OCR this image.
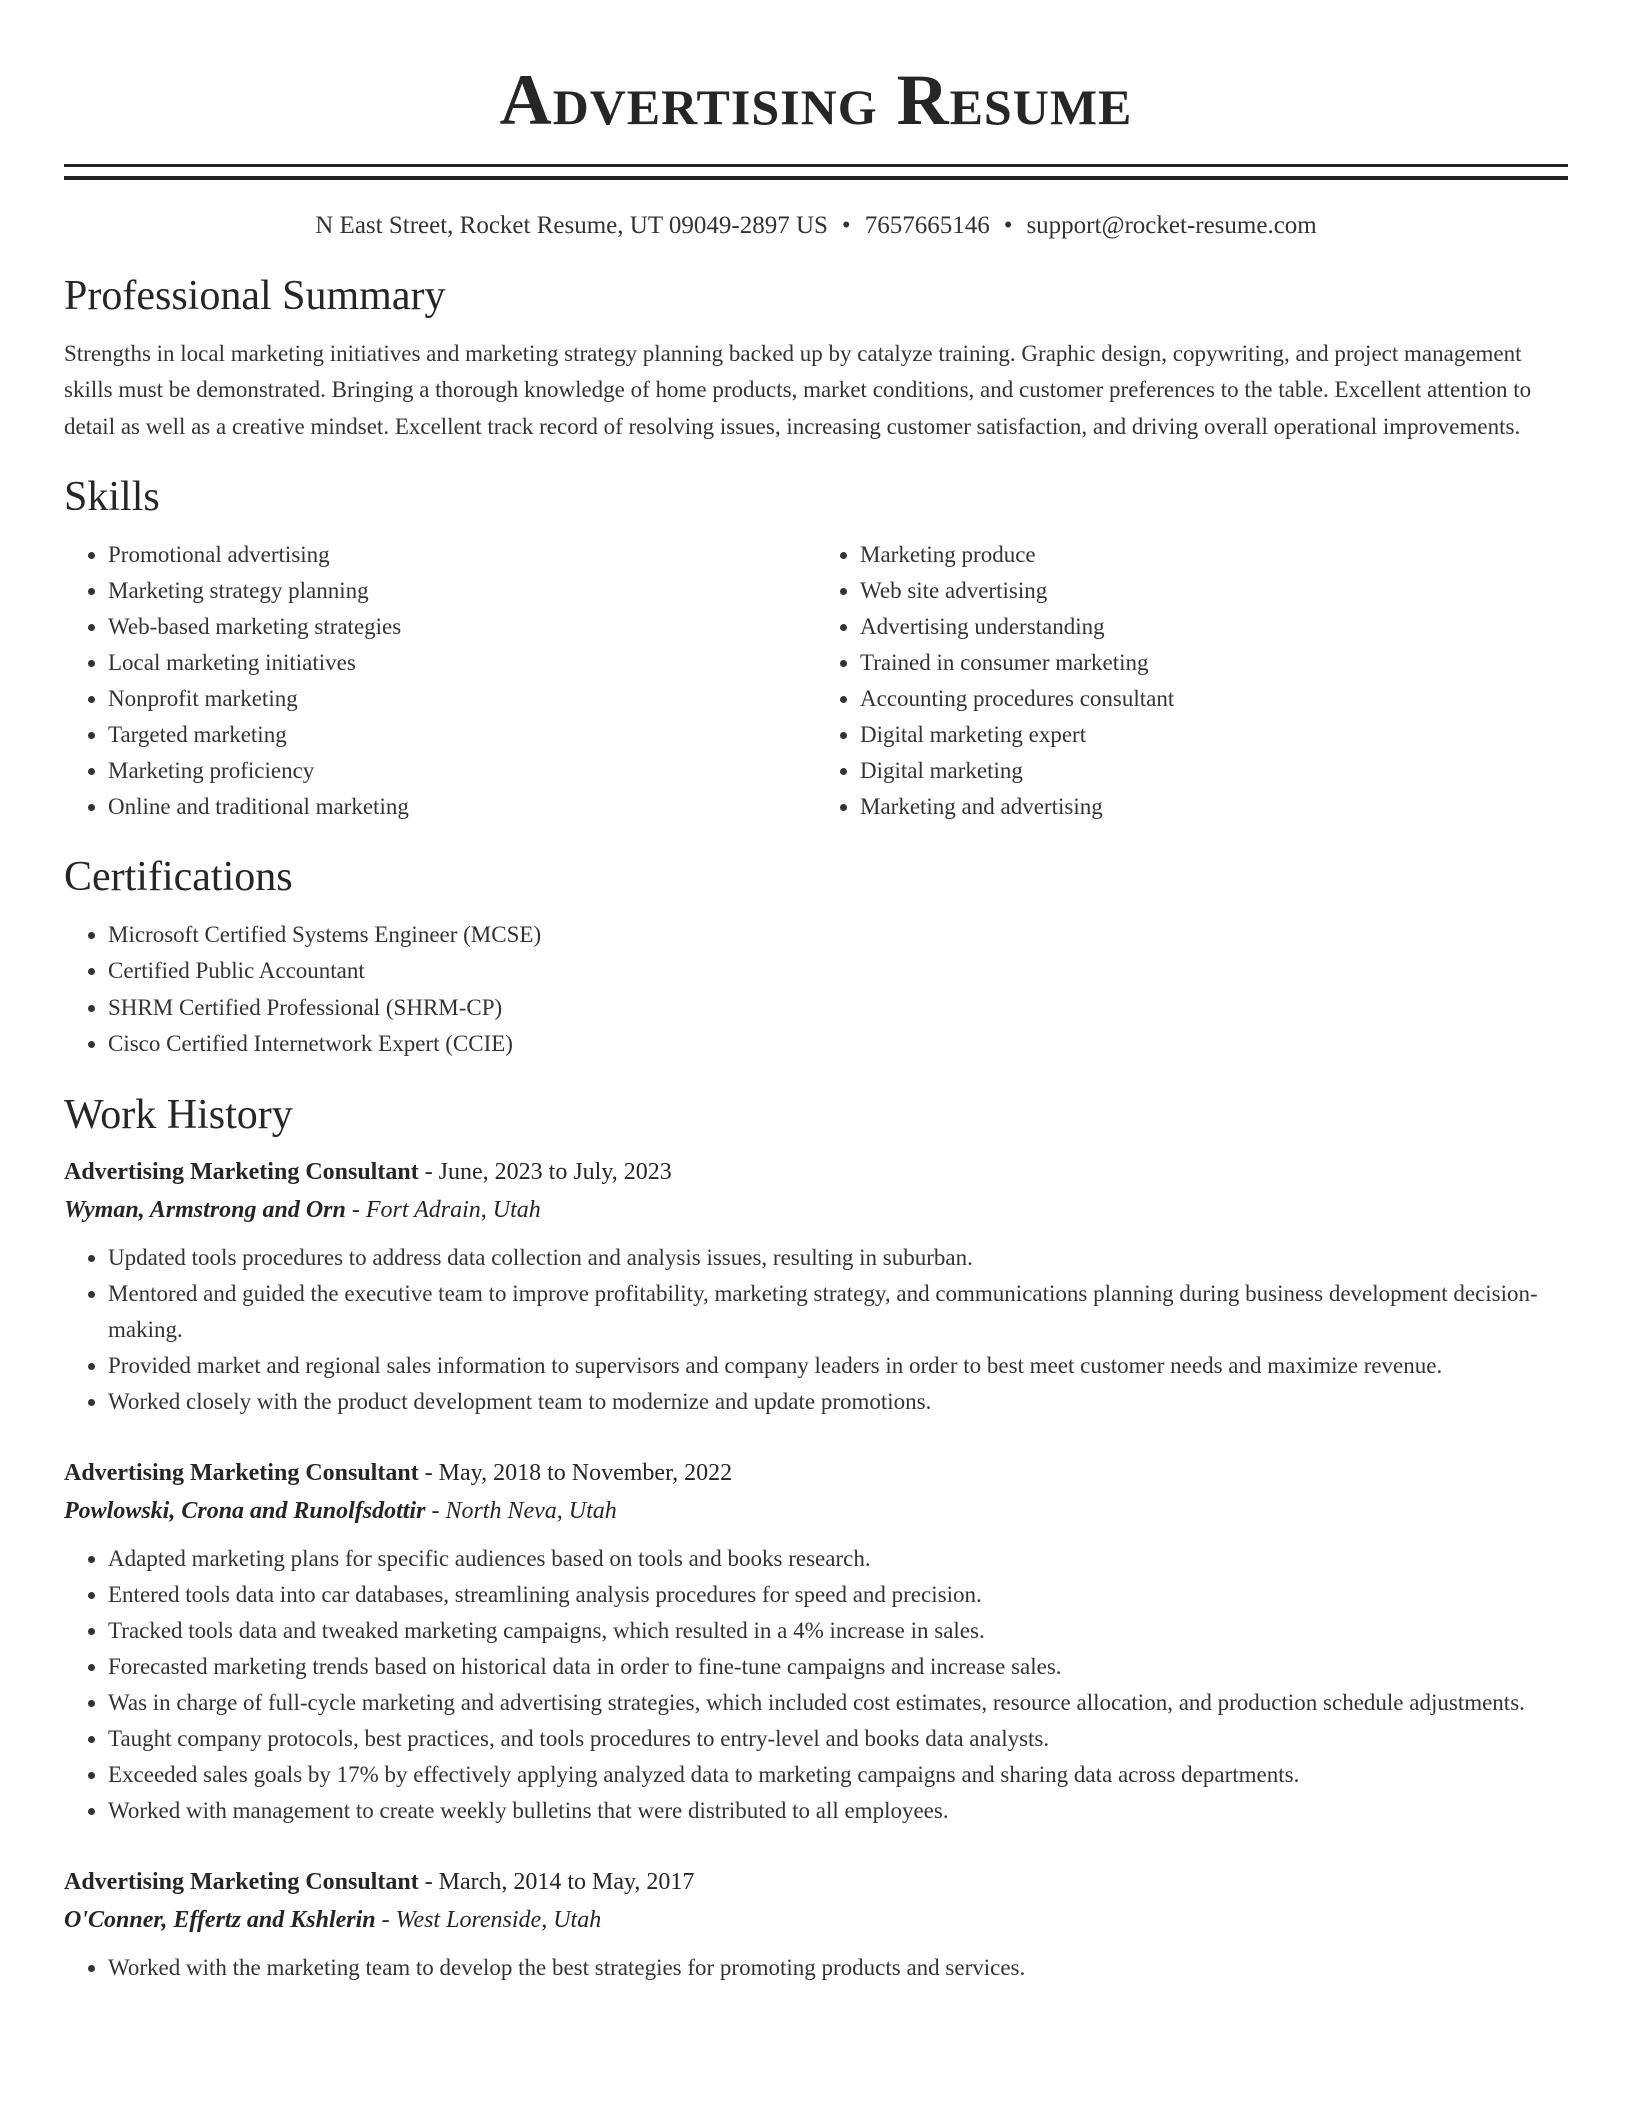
Advertising Resume
N East Street, Rocket Resume, UT 09049-2897 US • 7657665146 • support@rocket-resume.com
Professional Summary
Strengths in local marketing initiatives and marketing strategy planning backed up by catalyze training. Graphic design, copywriting, and project management skills must be demonstrated. Bringing a thorough knowledge of home products, market conditions, and customer preferences to the table. Excellent attention to detail as well as a creative mindset. Excellent track record of resolving issues, increasing customer satisfaction, and driving overall operational improvements.
Skills
• Promotional advertising
• Marketing strategy planning
• Web-based marketing strategies
• Local marketing initiatives
• Nonprofit marketing
• Targeted marketing
• Marketing proficiency
• Online and traditional marketing
• Marketing produce
• Web site advertising
• Advertising understanding
• Trained in consumer marketing
• Accounting procedures consultant
• Digital marketing expert
• Digital marketing
• Marketing and advertising
Certifications
• Microsoft Certified Systems Engineer (MCSE)
• Certified Public Accountant
• SHRM Certified Professional (SHRM-CP)
• Cisco Certified Internetwork Expert (CCIE)
Work History
Advertising Marketing Consultant - June, 2023 to July, 2023
Wyman, Armstrong and Orn - Fort Adrain, Utah
• Updated tools procedures to address data collection and analysis issues, resulting in suburban.
• Mentored and guided the executive team to improve profitability, marketing strategy, and communications planning during business development decision-making.
• Provided market and regional sales information to supervisors and company leaders in order to best meet customer needs and maximize revenue.
• Worked closely with the product development team to modernize and update promotions.
Advertising Marketing Consultant - May, 2018 to November, 2022
Powlowski, Crona and Runolfsdottir - North Neva, Utah
• Adapted marketing plans for specific audiences based on tools and books research.
• Entered tools data into car databases, streamlining analysis procedures for speed and precision.
• Tracked tools data and tweaked marketing campaigns, which resulted in a 4% increase in sales.
• Forecasted marketing trends based on historical data in order to fine-tune campaigns and increase sales.
• Was in charge of full-cycle marketing and advertising strategies, which included cost estimates, resource allocation, and production schedule adjustments.
• Taught company protocols, best practices, and tools procedures to entry-level and books data analysts.
• Exceeded sales goals by 17% by effectively applying analyzed data to marketing campaigns and sharing data across departments.
• Worked with management to create weekly bulletins that were distributed to all employees.
Advertising Marketing Consultant - March, 2014 to May, 2017
O'Conner, Effertz and Kshlerin - West Lorenside, Utah
• Worked with the marketing team to develop the best strategies for promoting products and services.
